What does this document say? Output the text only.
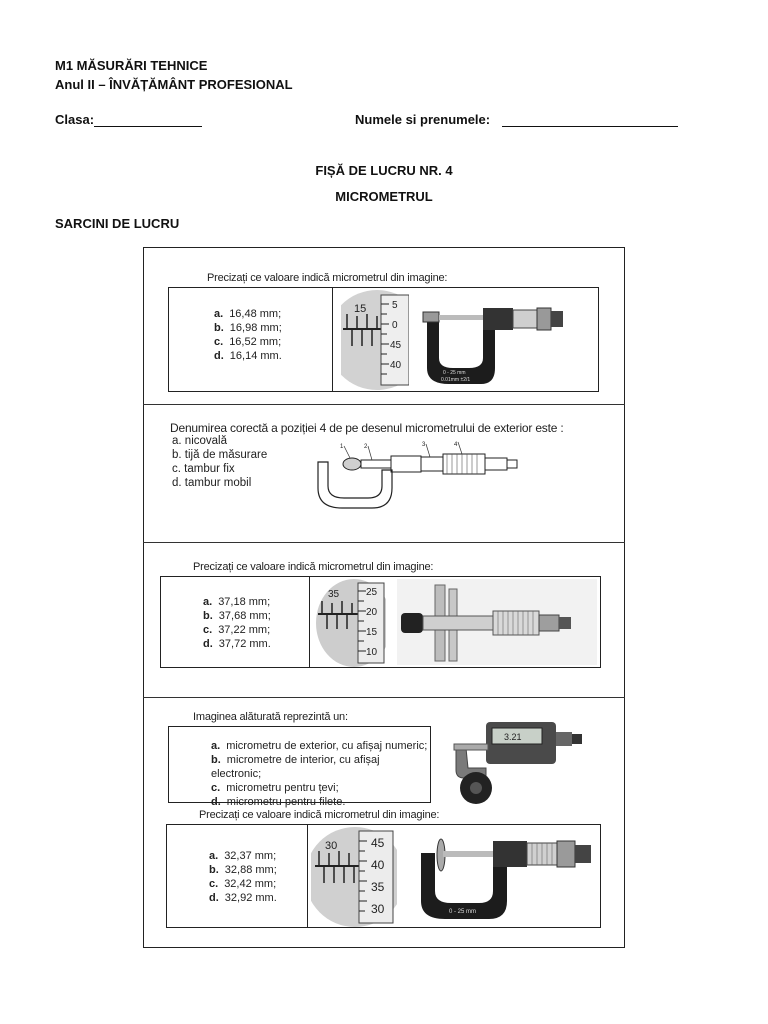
M1 MĂSURĂRI TEHNICE
Anul II – ÎNVĂȚĂMÂNT PROFESIONAL
Clasa:	Numele si prenumele:
FIȘĂ DE LUCRU NR. 4
MICROMETRUL
SARCINI DE LUCRU
Precizați ce valoare indică micrometrul din imagine:
a. 16,48 mm;
b. 16,98 mm;
c. 16,52 mm;
d. 16,14 mm.
15	5
0
45
40
0 - 25 mm
0.01mm ±2/1
Denumirea corectă a poziției 4 de pe desenul micrometrului de exterior este :
a. nicovală
b. tijă de măsurare
c. tambur fix
d. tambur mobil
1	2	3	4
Precizați ce valoare indică micrometrul din imagine:
a. 37,18 mm;
b. 37,68 mm;
c. 37,22 mm;
d. 37,72 mm.
35	25
20
15
10
Imaginea alăturată reprezintă un:
a. micrometru de exterior, cu afișaj numeric;
b. micrometre de interior, cu afișaj electronic;
c. micrometru pentru țevi;
d. micrometru pentru filete.
3.21
Precizați ce valoare indică micrometrul din imagine:
a. 32,37 mm;
b. 32,88 mm;
c. 32,42 mm;
d. 32,92 mm.
30	45
40
35
30	0 - 25 mm
